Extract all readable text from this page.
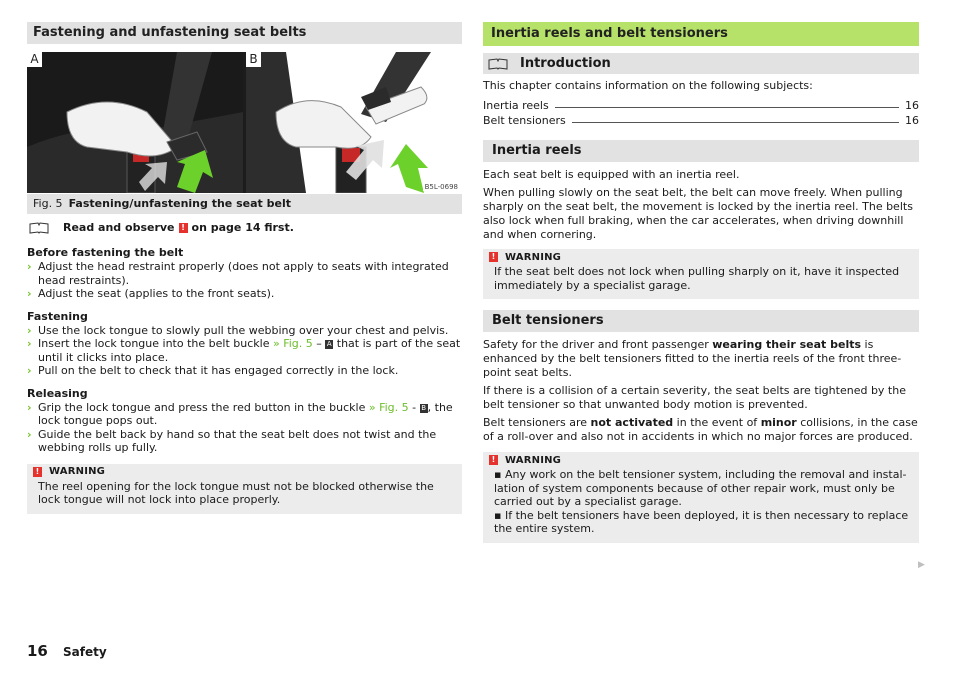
Fastening and unfastening seat belts
A	B
B5L-0698
Fig. 5 Fastening/unfastening the seat belt
Read and observe ! on page 14 first.

Before fastening the belt

› Adjust the head restraint properly (does not apply to seats with integrated head restraints).
› Adjust the seat (applies to the front seats).

Fastening

› Use the lock tongue to slowly pull the webbing over your chest and pelvis.
› Insert the lock tongue into the belt buckle » Fig. 5 – A that is part of the seat until it clicks into place.
› Pull on the belt to check that it has engaged correctly in the lock.

Releasing

› Grip the lock tongue and press the red button in the buckle » Fig. 5 - B , the lock tongue pops out.
› Guide the belt back by hand so that the seat belt does not twist and the webbing rolls up fully.
! WARNING
The reel opening for the lock tongue must not be blocked otherwise the lock tongue will not lock into place properly.
Inertia reels and belt tensioners
Introduction

This chapter contains information on the following subjects:

Inertia reels	16
Belt tensioners	16
Inertia reels

Each seat belt is equipped with an inertia reel.

When pulling slowly on the seat belt, the belt can move freely. When pulling sharply on the seat belt, the movement is locked by the inertia reel. The belts also lock when full braking, when the car accelerates, when driving downhill and when cornering.

! WARNING
If the seat belt does not lock when pulling sharply on it, have it inspected immediately by a specialist garage.
Belt tensioners

Safety for the driver and front passenger wearing their seat belts is enhanced by the belt tensioners fitted to the inertia reels of the front three-point seat belts.

If there is a collision of a certain severity, the seat belts are tightened by the belt tensioner so that unwanted body motion is prevented.

Belt tensioners are not activated in the event of minor collisions, in the case of a roll-over and also not in accidents in which no major forces are produced.

! WARNING
▪ Any work on the belt tensioner system, including the removal and instal-lation of system components because of other repair work, must only be carried out by a specialist garage.
▪ If the belt tensioners have been deployed, it is then necessary to replace the entire system.
▶
16 Safety
